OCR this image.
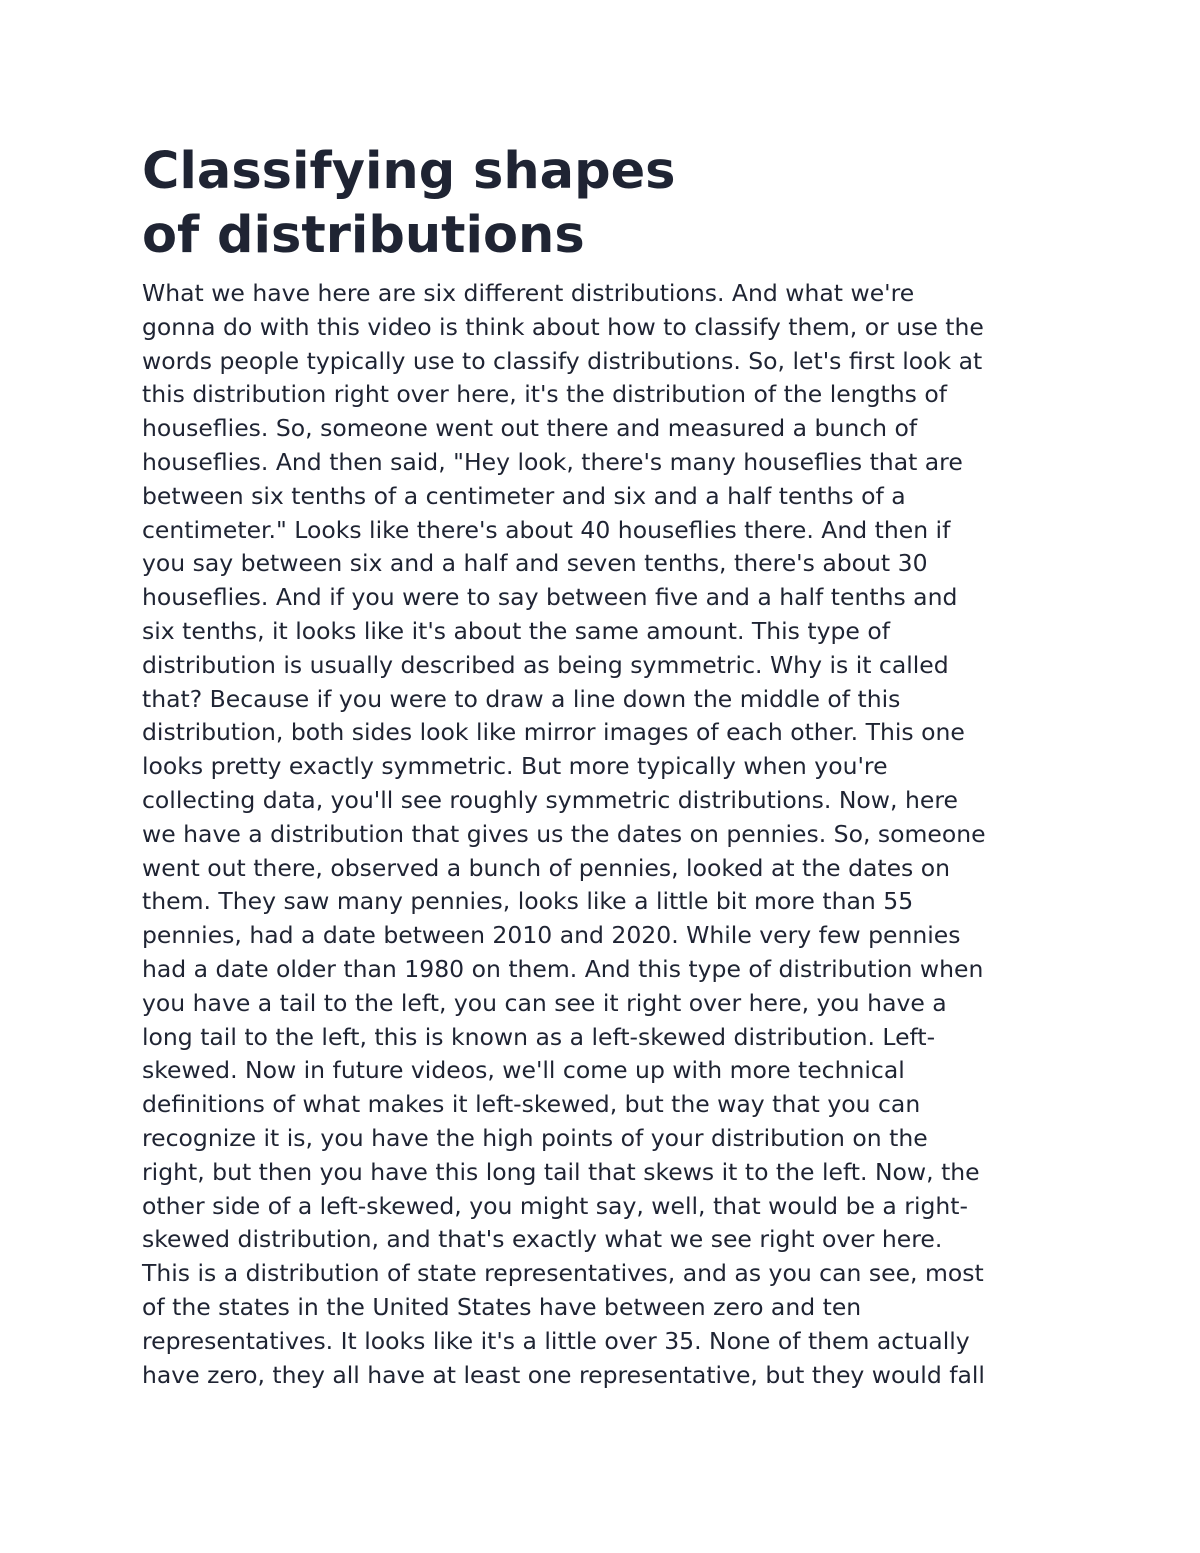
Classifying shapes
of distributions
What we have here are six different distributions. And what we're
gonna do with this video is think about how to classify them, or use the
words people typically use to classify distributions. So, let's first look at
this distribution right over here, it's the distribution of the lengths of
houseflies. So, someone went out there and measured a bunch of
houseflies. And then said, "Hey look, there's many houseflies that are
between six tenths of a centimeter and six and a half tenths of a
centimeter." Looks like there's about 40 houseflies there. And then if
you say between six and a half and seven tenths, there's about 30
houseflies. And if you were to say between five and a half tenths and
six tenths, it looks like it's about the same amount. This type of
distribution is usually described as being symmetric. Why is it called
that? Because if you were to draw a line down the middle of this
distribution, both sides look like mirror images of each other. This one
looks pretty exactly symmetric. But more typically when you're
collecting data, you'll see roughly symmetric distributions. Now, here
we have a distribution that gives us the dates on pennies. So, someone
went out there, observed a bunch of pennies, looked at the dates on
them. They saw many pennies, looks like a little bit more than 55
pennies, had a date between 2010 and 2020. While very few pennies
had a date older than 1980 on them. And this type of distribution when
you have a tail to the left, you can see it right over here, you have a
long tail to the left, this is known as a left-skewed distribution. Left-
skewed. Now in future videos, we'll come up with more technical
definitions of what makes it left-skewed, but the way that you can
recognize it is, you have the high points of your distribution on the
right, but then you have this long tail that skews it to the left. Now, the
other side of a left-skewed, you might say, well, that would be a right-
skewed distribution, and that's exactly what we see right over here.
This is a distribution of state representatives, and as you can see, most
of the states in the United States have between zero and ten
representatives. It looks like it's a little over 35. None of them actually
have zero, they all have at least one representative, but they would fall
